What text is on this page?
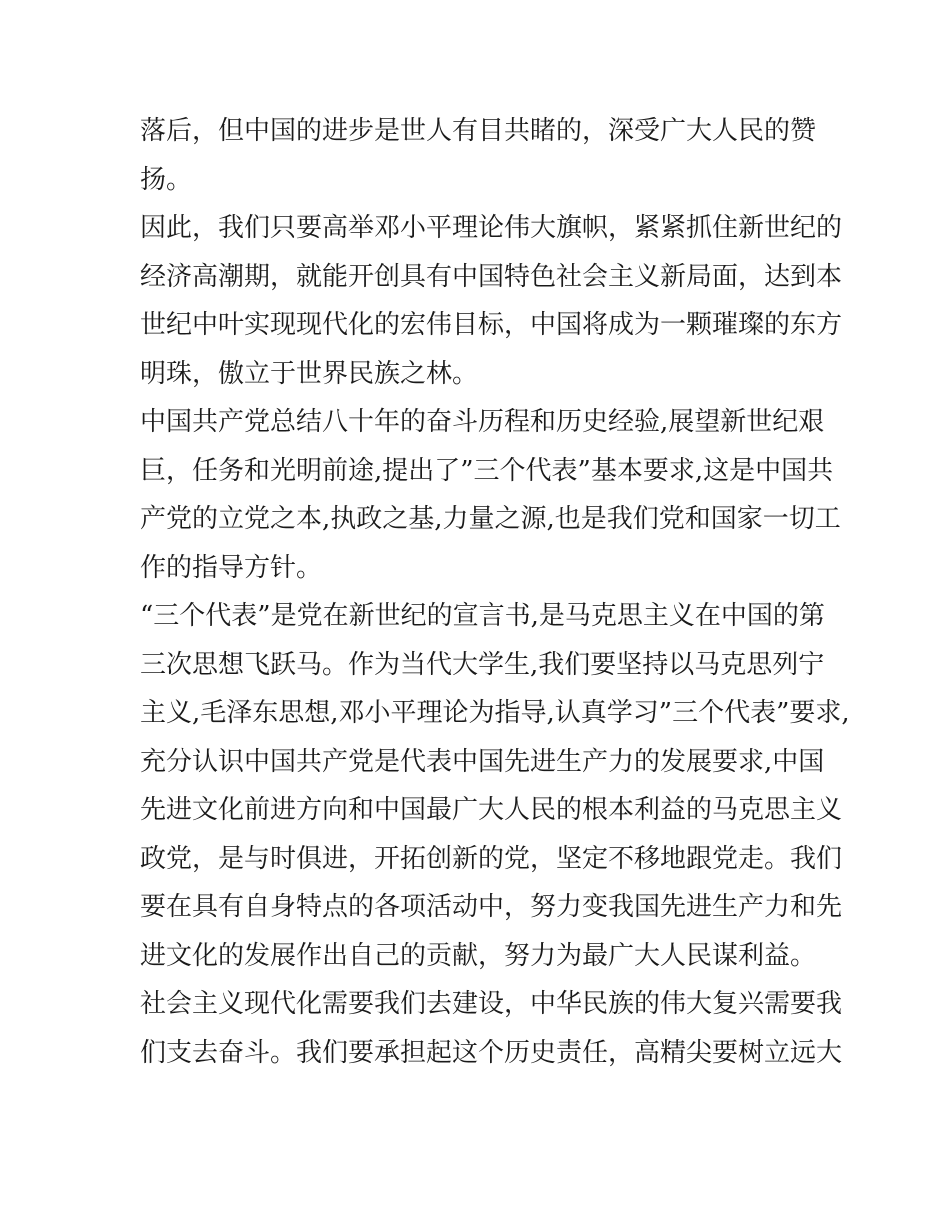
落后，但中国的进步是世人有目共睹的，深受广大人民的赞
扬。
因此，我们只要高举邓小平理论伟大旗帜，紧紧抓住新世纪的
经济高潮期，就能开创具有中国特色社会主义新局面，达到本
世纪中叶实现现代化的宏伟目标，中国将成为一颗璀璨的东方
明珠，傲立于世界民族之林。
中国共产党总结八十年的奋斗历程和历史经验,展望新世纪艰
巨，任务和光明前途,提出了”三个代表”基本要求,这是中国共
产党的立党之本,执政之基,力量之源,也是我们党和国家一切工
作的指导方针。
“三个代表”是党在新世纪的宣言书,是马克思主义在中国的第
三次思想飞跃马。作为当代大学生,我们要坚持以马克思列宁
主义,毛泽东思想,邓小平理论为指导,认真学习”三个代表”要求,
充分认识中国共产党是代表中国先进生产力的发展要求,中国
先进文化前进方向和中国最广大人民的根本利益的马克思主义
政党，是与时俱进，开拓创新的党，坚定不移地跟党走。我们
要在具有自身特点的各项活动中，努力变我国先进生产力和先
进文化的发展作出自己的贡献，努力为最广大人民谋利益。
社会主义现代化需要我们去建设，中华民族的伟大复兴需要我
们支去奋斗。我们要承担起这个历史责任，高精尖要树立远大
